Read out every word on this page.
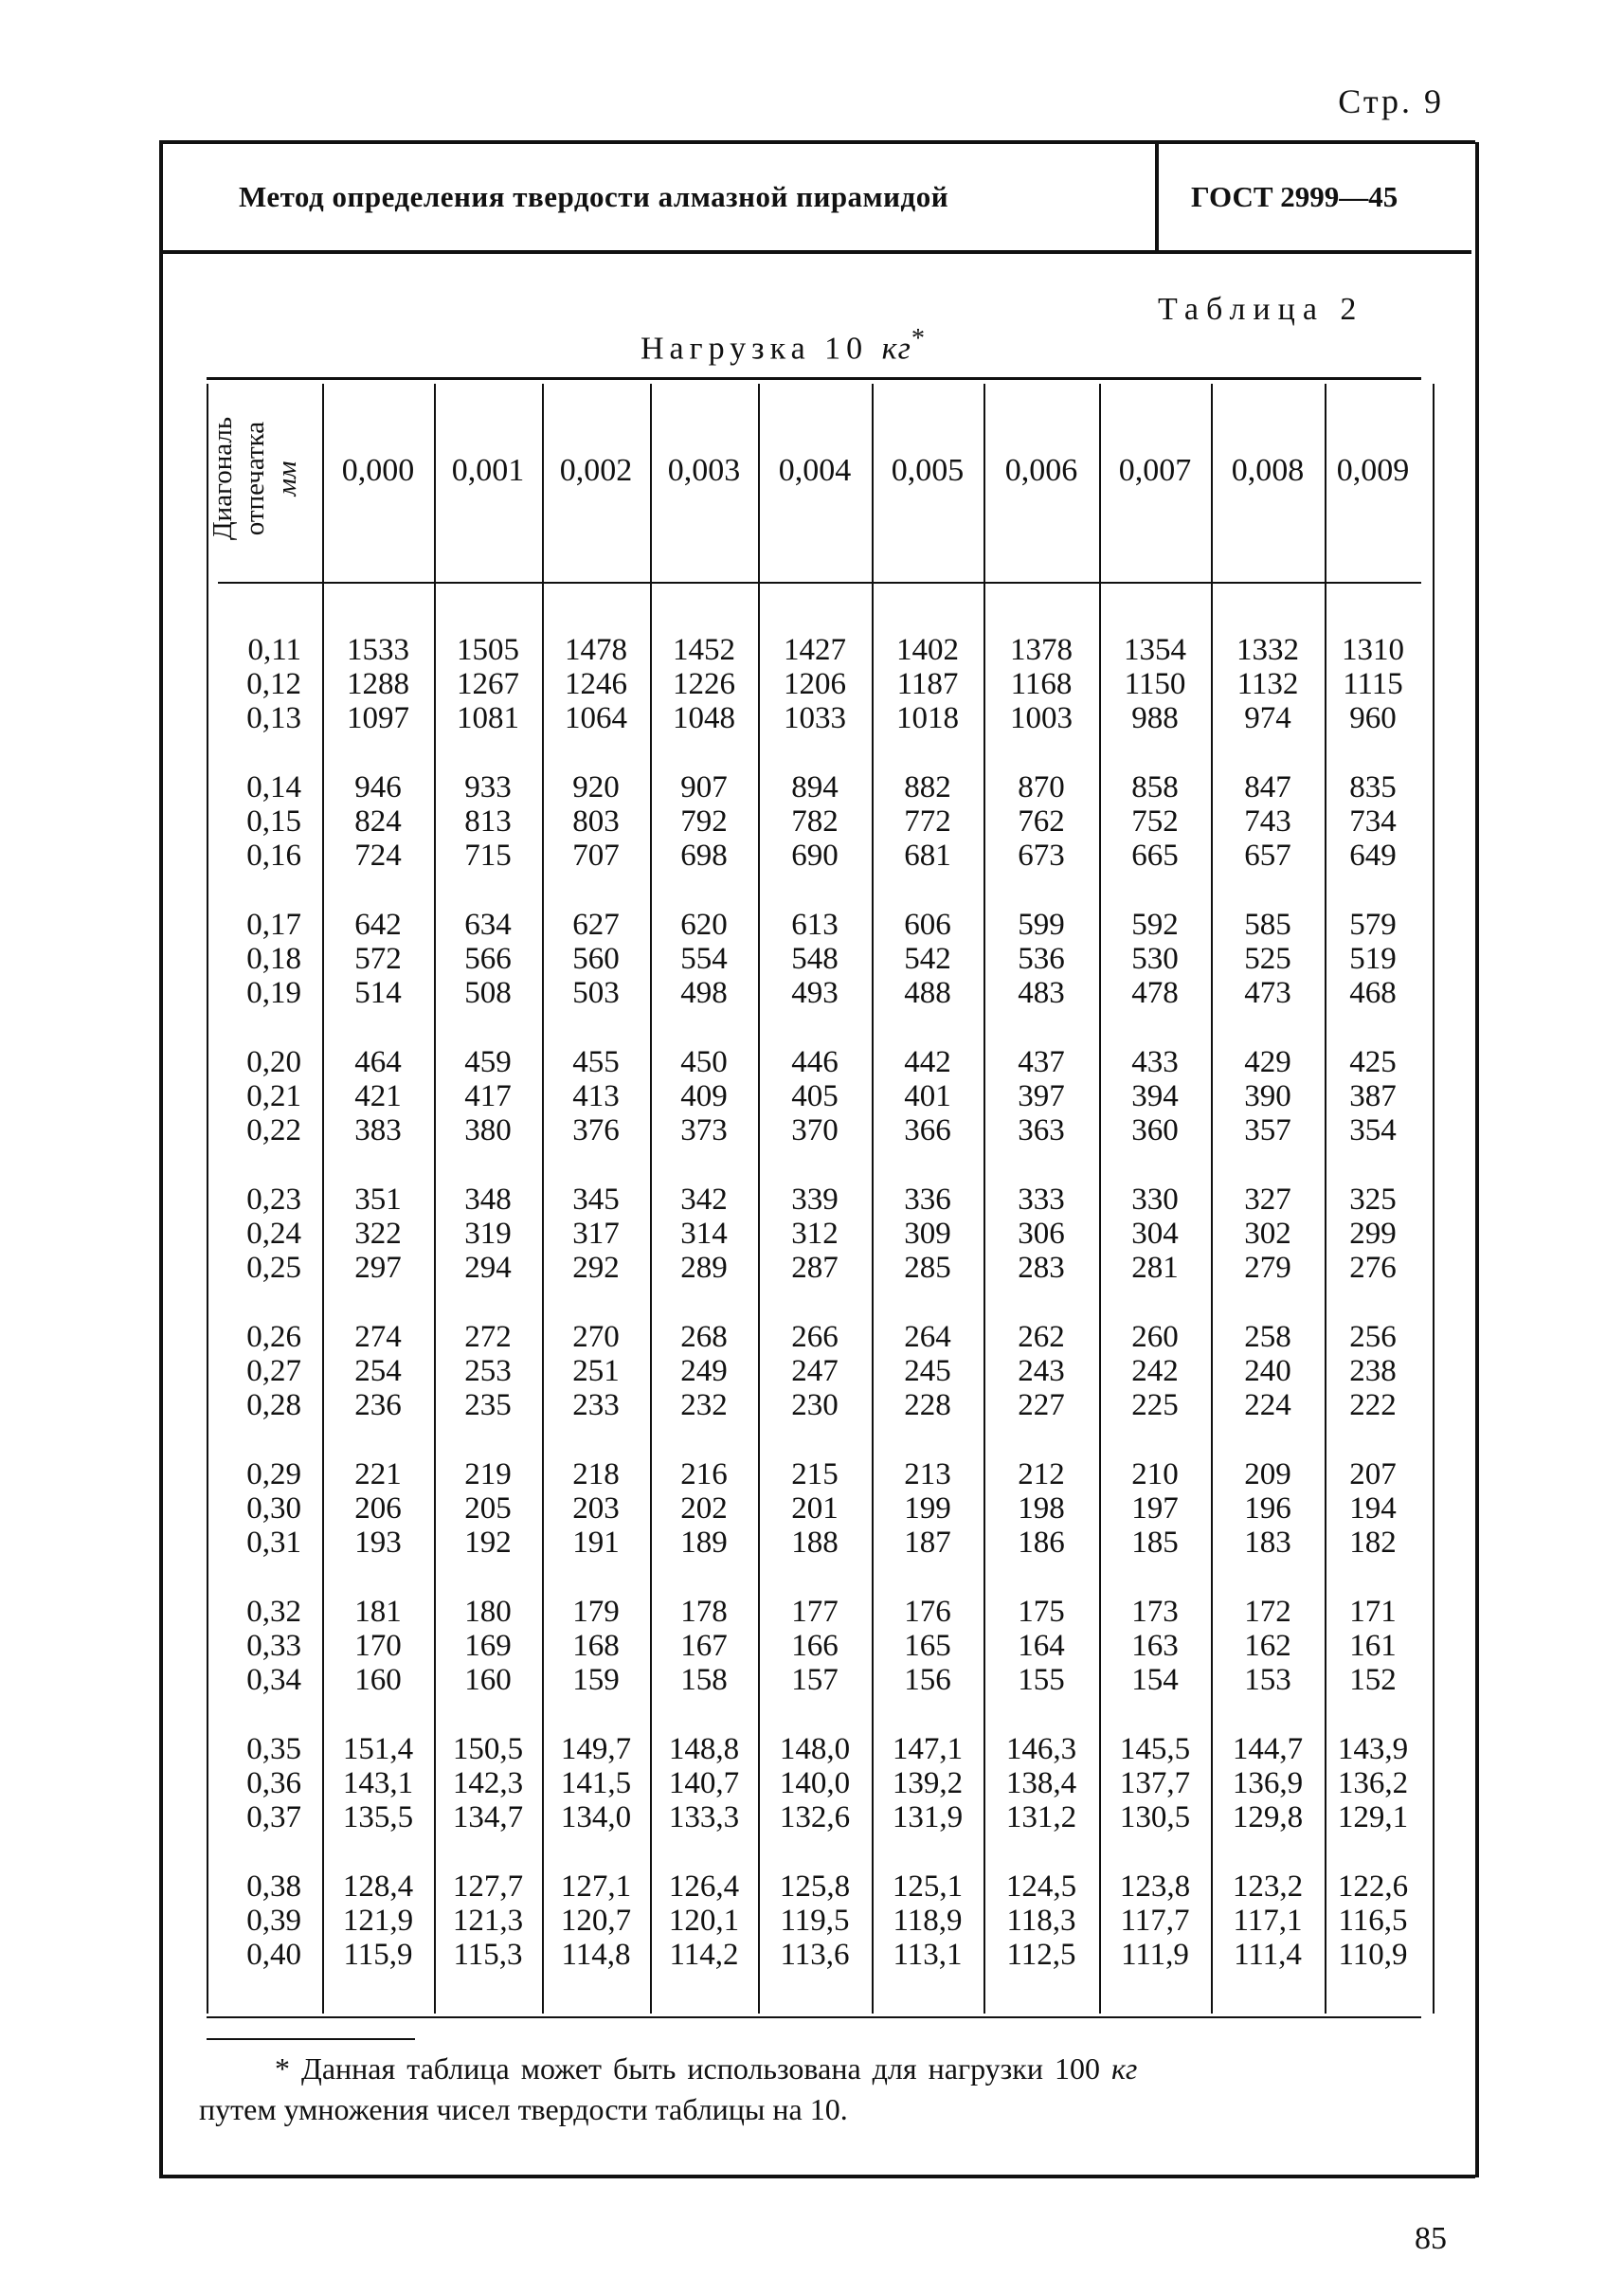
Стр. 9
Метод определения твердости алмазной пирамидой	ГОСТ 2999—45
Таблица 2
Нагрузка 10 кг*
Диагональ отпечатка мм	0,000	0,001	0,002	0,003	0,004	0,005	0,006	0,007	0,008	0,009
0,11	1533	1505	1478	1452	1427	1402	1378	1354	1332	1310
0,12	1288	1267	1246	1226	1206	1187	1168	1150	1132	1115
0,13	1097	1081	1064	1048	1033	1018	1003	988	974	960
0,14	946	933	920	907	894	882	870	858	847	835
0,15	824	813	803	792	782	772	762	752	743	734
0,16	724	715	707	698	690	681	673	665	657	649
0,17	642	634	627	620	613	606	599	592	585	579
0,18	572	566	560	554	548	542	536	530	525	519
0,19	514	508	503	498	493	488	483	478	473	468
0,20	464	459	455	450	446	442	437	433	429	425
0,21	421	417	413	409	405	401	397	394	390	387
0,22	383	380	376	373	370	366	363	360	357	354
0,23	351	348	345	342	339	336	333	330	327	325
0,24	322	319	317	314	312	309	306	304	302	299
0,25	297	294	292	289	287	285	283	281	279	276
0,26	274	272	270	268	266	264	262	260	258	256
0,27	254	253	251	249	247	245	243	242	240	238
0,28	236	235	233	232	230	228	227	225	224	222
0,29	221	219	218	216	215	213	212	210	209	207
0,30	206	205	203	202	201	199	198	197	196	194
0,31	193	192	191	189	188	187	186	185	183	182
0,32	181	180	179	178	177	176	175	173	172	171
0,33	170	169	168	167	166	165	164	163	162	161
0,34	160	160	159	158	157	156	155	154	153	152
0,35	151,4	150,5	149,7	148,8	148,0	147,1	146,3	145,5	144,7	143,9
0,36	143,1	142,3	141,5	140,7	140,0	139,2	138,4	137,7	136,9	136,2
0,37	135,5	134,7	134,0	133,3	132,6	131,9	131,2	130,5	129,8	129,1
0,38	128,4	127,7	127,1	126,4	125,8	125,1	124,5	123,8	123,2	122,6
0,39	121,9	121,3	120,7	120,1	119,5	118,9	118,3	117,7	117,1	116,5
0,40	115,9	115,3	114,8	114,2	113,6	113,1	112,5	111,9	111,4	110,9
* Данная таблица может быть использована для нагрузки 100 кг
путем умножения чисел твердости таблицы на 10.
85
